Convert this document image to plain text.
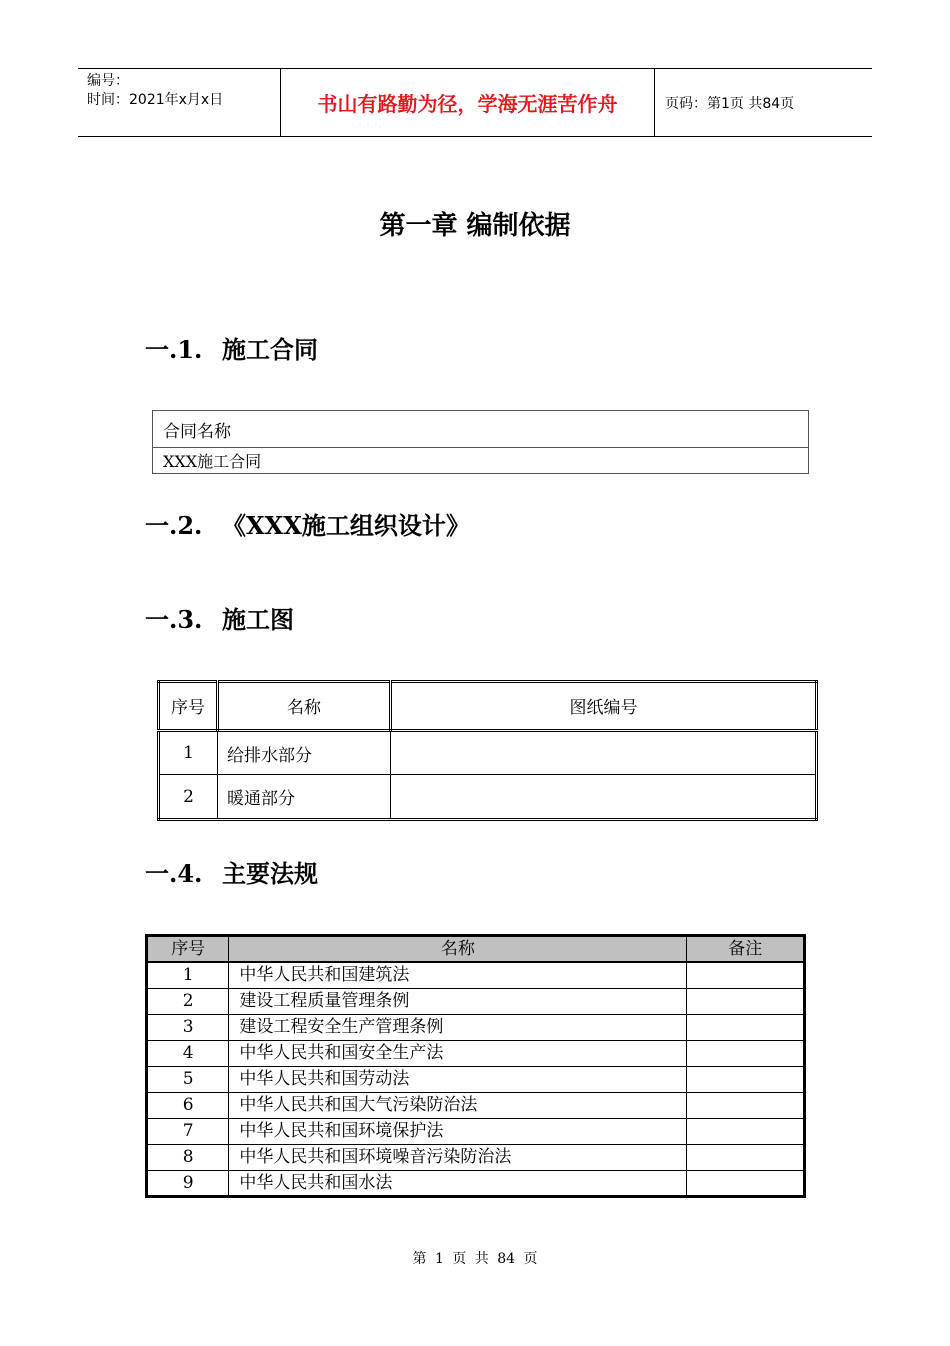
编号：
时间：2021年x月x日	书山有路勤为径，学海无涯苦作舟	页码：第1页 共84页
第一章 编制依据
一.1. 施工合同
合同名称
XXX施工合同
一.2. 《XXX施工组织设计》
一.3. 施工图
序号	名称	图纸编号
1	给排水部分	
2	暖通部分	
一.4. 主要法规
序号	名称	备注
1	中华人民共和国建筑法	
2	建设工程质量管理条例	
3	建设工程安全生产管理条例	
4	中华人民共和国安全生产法	
5	中华人民共和国劳动法	
6	中华人民共和国大气污染防治法	
7	中华人民共和国环境保护法	
8	中华人民共和国环境噪音污染防治法	
9	中华人民共和国水法	
第 1 页 共 84 页
